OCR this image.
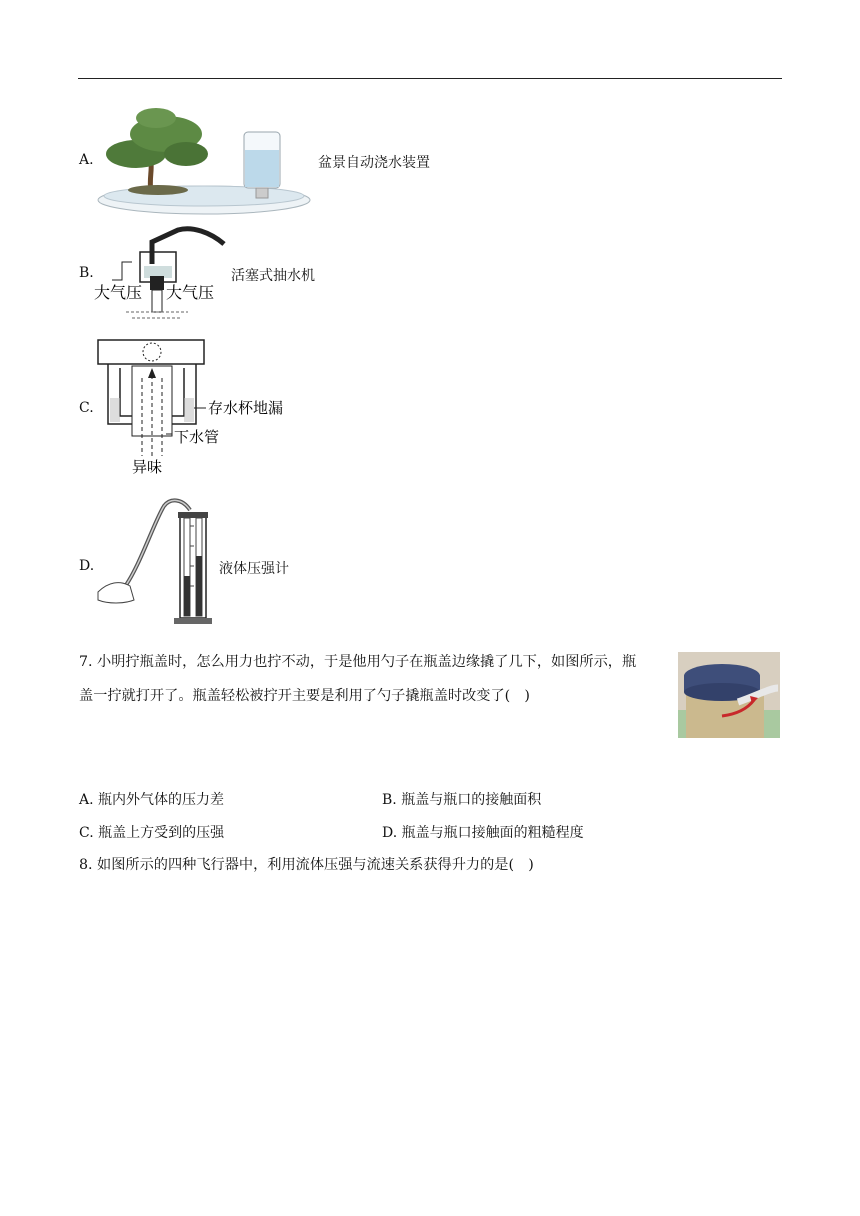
A.	盆景自动浇水装置
B.
大气压 大气压
活塞式抽水机
C.	存水杯地漏
下水管
异味
D.	液体压强计
7. 小明拧瓶盖时，怎么用力也拧不动，于是他用勺子在瓶盖边缘撬了几下，如图所示，瓶
盖一拧就打开了。瓶盖轻松被拧开主要是利用了勺子撬瓶盖时改变了(　)
A. 瓶内外气体的压力差	B. 瓶盖与瓶口的接触面积
C. 瓶盖上方受到的压强	D. 瓶盖与瓶口接触面的粗糙程度
8. 如图所示的四种飞行器中，利用流体压强与流速关系获得升力的是(　)
